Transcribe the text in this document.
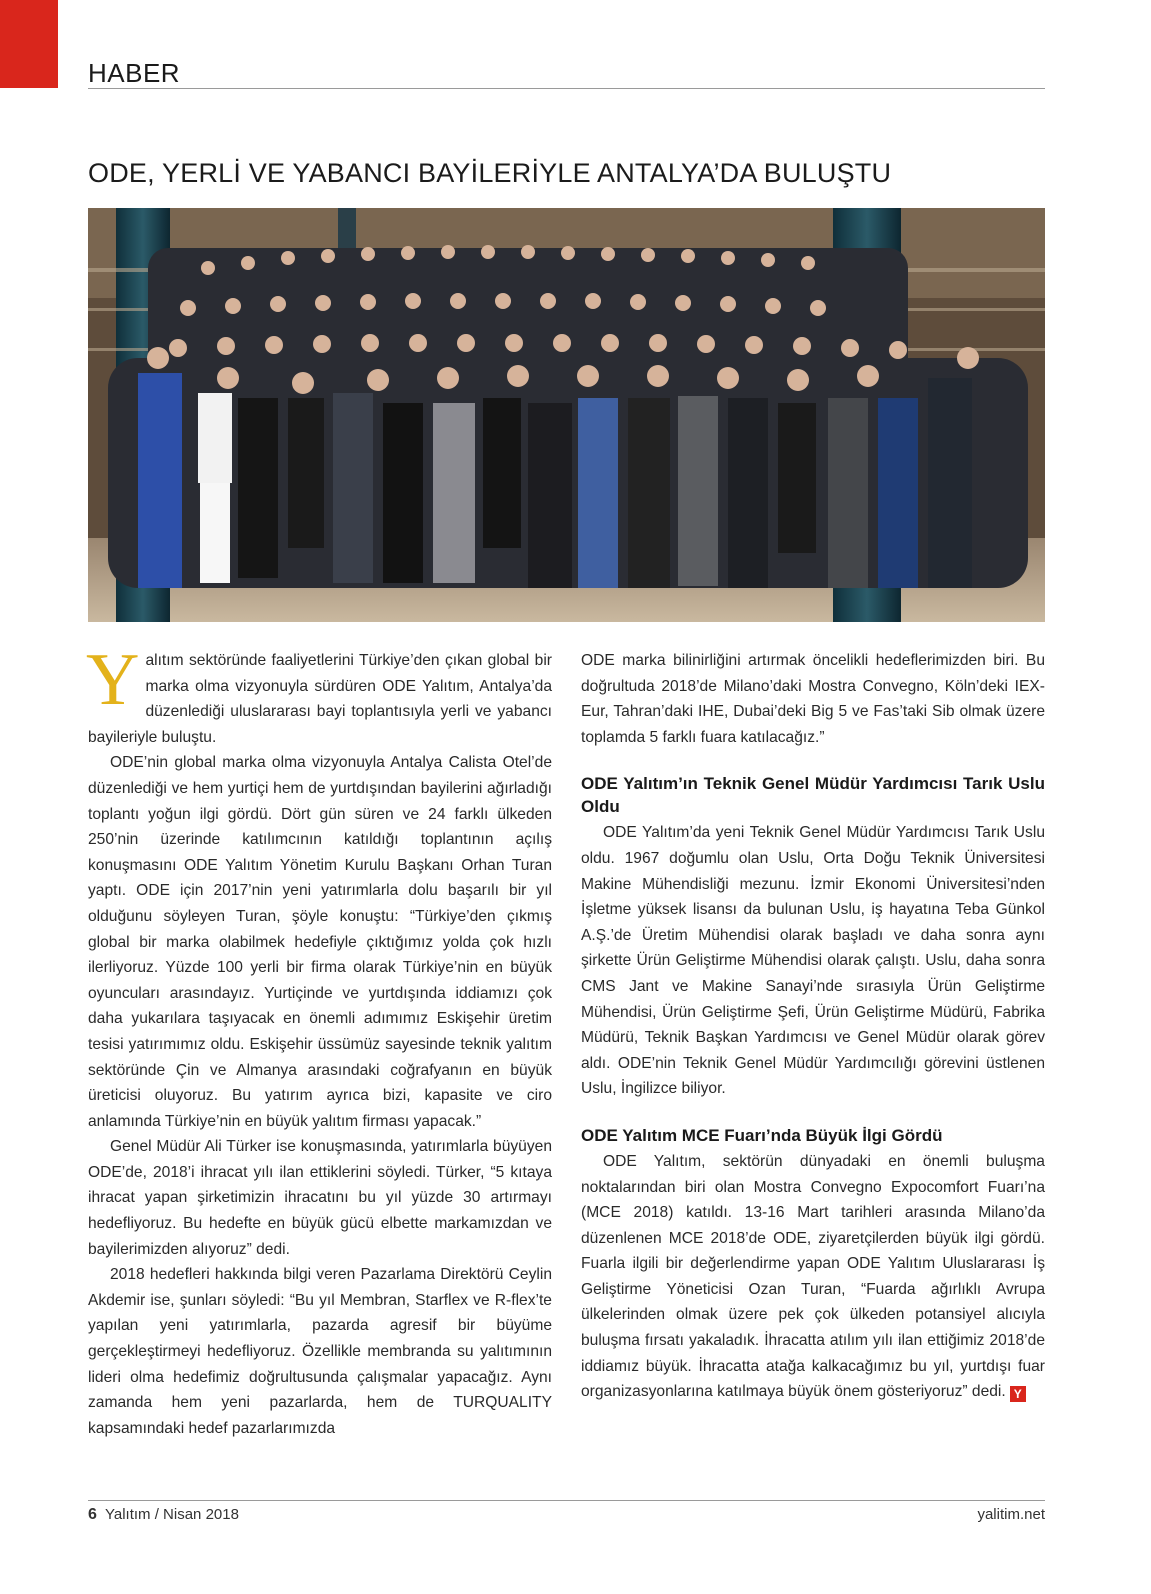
HABER
ODE, YERLİ VE YABANCI BAYİLERİYLE ANTALYA’DA BULUŞTU

Yalıtım sektöründe faaliyetlerini Türkiye’den çıkan global bir marka olma vizyonuyla sürdüren ODE Yalıtım, Antalya’da düzenlediği uluslararası bayi toplantısıyla yerli ve yabancı bayileriyle buluştu.

ODE’nin global marka olma vizyonuyla Antalya Calista Otel’de düzenlediği ve hem yurtiçi hem de yurtdışından bayilerini ağırladığı toplantı yoğun ilgi gördü. Dört gün süren ve 24 farklı ülkeden 250’nin üzerinde katılımcının katıldığı toplantının açılış konuşmasını ODE Yalıtım Yönetim Kurulu Başkanı Orhan Turan yaptı. ODE için 2017’nin yeni yatırımlarla dolu başarılı bir yıl olduğunu söyleyen Turan, şöyle konuştu: “Türkiye’den çıkmış global bir marka olabilmek hedefiyle çıktığımız yolda çok hızlı ilerliyoruz. Yüzde 100 yerli bir firma olarak Türkiye’nin en büyük oyuncuları arasındayız. Yurtiçinde ve yurtdışında iddiamızı çok daha yukarılara taşıyacak en önemli adımımız Eskişehir üretim tesisi yatırımımız oldu. Eskişehir üssümüz sayesinde teknik yalıtım sektöründe Çin ve Almanya arasındaki coğrafyanın en büyük üreticisi oluyoruz. Bu yatırım ayrıca bizi, kapasite ve ciro anlamında Türkiye’nin en büyük yalıtım firması yapacak.”

Genel Müdür Ali Türker ise konuşmasında, yatırımlarla büyüyen ODE’de, 2018’i ihracat yılı ilan ettiklerini söyledi. Türker, “5 kıtaya ihracat yapan şirketimizin ihracatını bu yıl yüzde 30 artırmayı hedefliyoruz. Bu hedefte en büyük gücü elbette markamızdan ve bayilerimizden alıyoruz” dedi.

2018 hedefleri hakkında bilgi veren Pazarlama Direktörü Ceylin Akdemir ise, şunları söyledi: “Bu yıl Membran, Starflex ve R-flex’te yapılan yeni yatırımlarla, pazarda agresif bir büyüme gerçekleştirmeyi hedefliyoruz. Özellikle membranda su yalıtımının lideri olma hedefimiz doğrultusunda çalışmalar yapacağız. Aynı zamanda hem yeni pazarlarda, hem de TURQUALITY kapsamındaki hedef pazarlarımızda

ODE marka bilinirliğini artırmak öncelikli hedeflerimizden biri. Bu doğrultuda 2018’de Milano’daki Mostra Convegno, Köln’deki IEX- Eur, Tahran’daki IHE, Dubai’deki Big 5 ve Fas’taki Sib olmak üzere toplamda 5 farklı fuara katılacağız.”

ODE Yalıtım’ın Teknik Genel Müdür Yardımcısı Tarık Uslu Oldu

ODE Yalıtım’da yeni Teknik Genel Müdür Yardımcısı Tarık Uslu oldu. 1967 doğumlu olan Uslu, Orta Doğu Teknik Üniversitesi Makine Mühendisliği mezunu. İzmir Ekonomi Üniversitesi’nden İşletme yüksek lisansı da bulunan Uslu, iş hayatına Teba Günkol A.Ş.’de Üretim Mühendisi olarak başladı ve daha sonra aynı şirkette Ürün Geliştirme Mühendisi olarak çalıştı. Uslu, daha sonra CMS Jant ve Makine Sanayi’nde sırasıyla Ürün Geliştirme Mühendisi, Ürün Geliştirme Şefi, Ürün Geliştirme Müdürü, Fabrika Müdürü, Teknik Başkan Yardımcısı ve Genel Müdür olarak görev aldı. ODE’nin Teknik Genel Müdür Yardımcılığı görevini üstlenen Uslu, İngilizce biliyor.

ODE Yalıtım MCE Fuarı’nda Büyük İlgi Gördü

ODE Yalıtım, sektörün dünyadaki en önemli buluşma noktalarından biri olan Mostra Convegno Expocomfort Fuarı’na (MCE 2018) katıldı. 13-16 Mart tarihleri arasında Milano’da düzenlenen MCE 2018’de ODE, ziyaretçilerden büyük ilgi gördü. Fuarla ilgili bir değerlendirme yapan ODE Yalıtım Uluslararası İş Geliştirme Yöneticisi Ozan Turan, “Fuarda ağırlıklı Avrupa ülkelerinden olmak üzere pek çok ülkeden potansiyel alıcıyla buluşma fırsatı yakaladık. İhracatta atılım yılı ilan ettiğimiz 2018’de iddiamız büyük. İhracatta atağa kalkacağımız bu yıl, yurtdışı fuar organizasyonlarına katılmaya büyük önem gösteriyoruz” dedi. Y

6 Yalıtım / Nisan 2018	yalitim.net
